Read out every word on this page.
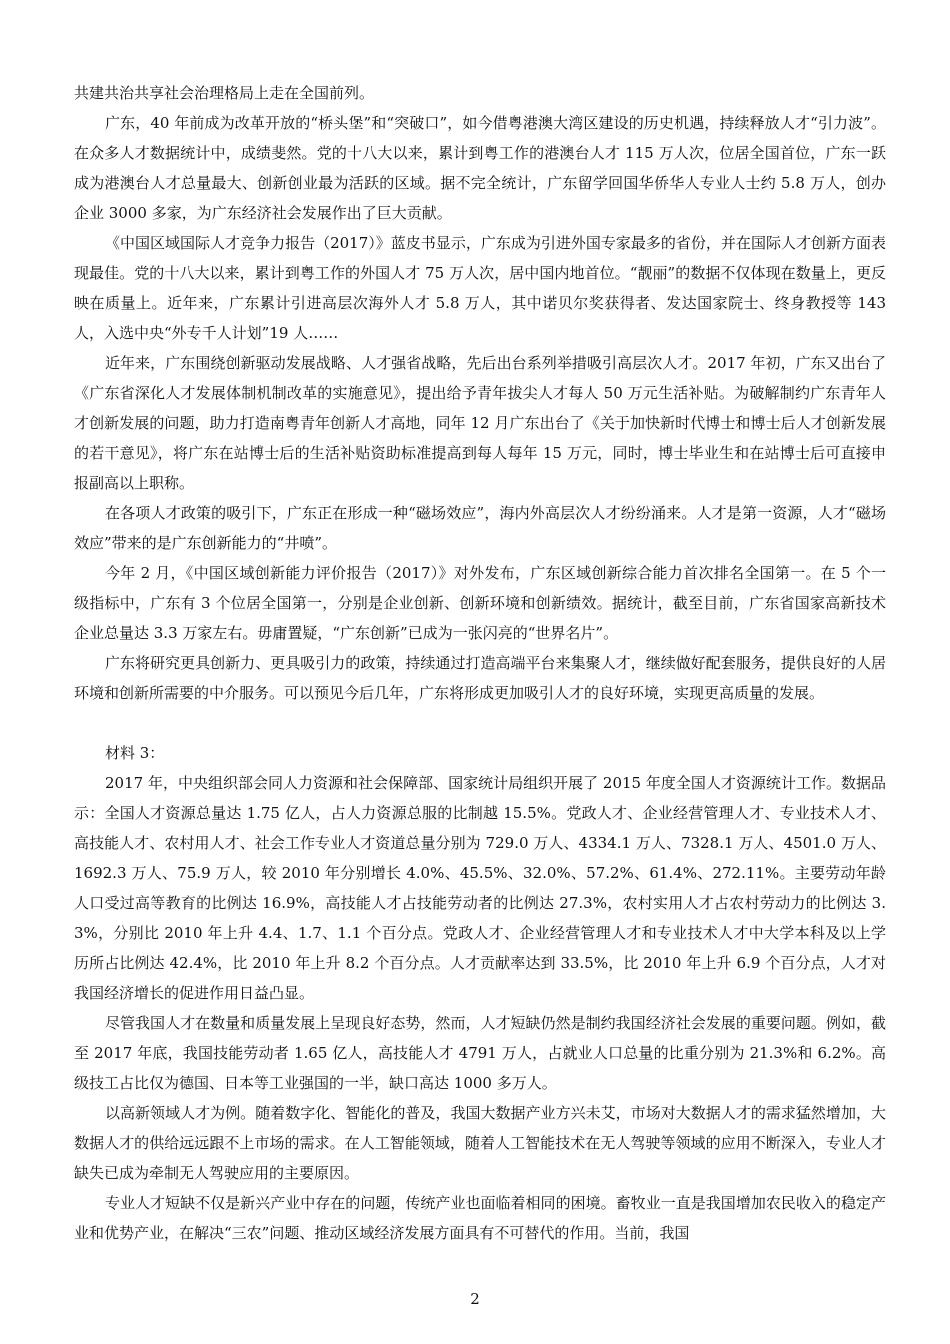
共建共治共享社会治理格局上走在全国前列。

广东，40 年前成为改革开放的“桥头堡”和“突破口”，如今借粤港澳大湾区建设的历史机遇，持续释放人才“引力波”。在众多人才数据统计中，成绩斐然。党的十八大以来，累计到粤工作的港澳台人才 115 万人次，位居全国首位，广东一跃成为港澳台人才总量最大、创新创业最为活跃的区域。据不完全统计，广东留学回国华侨华人专业人士约 5.8 万人，创办企业 3000 多家，为广东经济社会发展作出了巨大贡献。

《中国区域国际人才竞争力报告（2017）》蓝皮书显示，广东成为引进外国专家最多的省份，并在国际人才创新方面表现最佳。党的十八大以来，累计到粤工作的外国人才 75 万人次，居中国内地首位。“靓丽”的数据不仅体现在数量上，更反映在质量上。近年来，广东累计引进高层次海外人才 5.8 万人，其中诺贝尔奖获得者、发达国家院士、终身教授等 143 人，入选中央“外专千人计划”19 人……

近年来，广东围绕创新驱动发展战略、人才强省战略，先后出台系列举措吸引高层次人才。2017 年初，广东又出台了《广东省深化人才发展体制机制改革的实施意见》，提出给予青年拔尖人才每人 50 万元生活补贴。为破解制约广东青年人才创新发展的问题，助力打造南粤青年创新人才高地，同年 12 月广东出台了《关于加快新时代博士和博士后人才创新发展的若干意见》，将广东在站博士后的生活补贴资助标准提高到每人每年 15 万元，同时，博士毕业生和在站博士后可直接申报副高以上职称。

在各项人才政策的吸引下，广东正在形成一种“磁场效应”，海内外高层次人才纷纷涌来。人才是第一资源，人才“磁场效应”带来的是广东创新能力的“井喷”。

今年 2 月，《中国区域创新能力评价报告（2017）》对外发布，广东区域创新综合能力首次排名全国第一。在 5 个一级指标中，广东有 3 个位居全国第一，分别是企业创新、创新环境和创新绩效。据统计，截至目前，广东省国家高新技术企业总量达 3.3 万家左右。毋庸置疑，“广东创新”已成为一张闪亮的“世界名片”。

广东将研究更具创新力、更具吸引力的政策，持续通过打造高端平台来集聚人才，继续做好配套服务，提供良好的人居环境和创新所需要的中介服务。可以预见今后几年，广东将形成更加吸引人才的良好环境，实现更高质量的发展。

材料 3：

2017 年，中央组织部会同人力资源和社会保障部、国家统计局组织开展了 2015 年度全国人才资源统计工作。数据品示：全国人才资源总量达 1.75 亿人，占人力资源总服的比制越 15.5%。党政人才、企业经营管理人才、专业技术人才、高技能人才、农村用人才、社会工作专业人才资道总量分别为 729.0 万人、4334.1 万人、7328.1 万人、4501.0 万人、1692.3 万人、75.9 万人，较 2010 年分别增长 4.0%、45.5%、32.0%、57.2%、61.4%、272.11%。主要劳动年龄人口受过高等教育的比例达 16.9%，高技能人才占技能劳动者的比例达 27.3%，农村实用人才占农村劳动力的比例达 3.3%，分别比 2010 年上升 4.4、1.7、1.1 个百分点。党政人才、企业经营管理人才和专业技术人才中大学本科及以上学历所占比例达 42.4%，比 2010 年上升 8.2 个百分点。人才贡献率达到 33.5%，比 2010 年上升 6.9 个百分点，人才对我国经济增长的促进作用日益凸显。

尽管我国人才在数量和质量发展上呈现良好态势，然而，人才短缺仍然是制约我国经济社会发展的重要问题。例如，截至 2017 年底，我国技能劳动者 1.65 亿人，高技能人才 4791 万人，占就业人口总量的比重分别为 21.3%和 6.2%。高级技工占比仅为德国、日本等工业强国的一半，缺口高达 1000 多万人。

以高新领域人才为例。随着数字化、智能化的普及，我国大数据产业方兴未艾，市场对大数据人才的需求猛然增加，大数据人才的供给远远跟不上市场的需求。在人工智能领域，随着人工智能技术在无人驾驶等领域的应用不断深入，专业人才缺失已成为牵制无人驾驶应用的主要原因。

专业人才短缺不仅是新兴产业中存在的问题，传统产业也面临着相同的困境。畜牧业一直是我国增加农民收入的稳定产业和优势产业，在解决“三农”问题、推动区域经济发展方面具有不可替代的作用。当前，我国

2
